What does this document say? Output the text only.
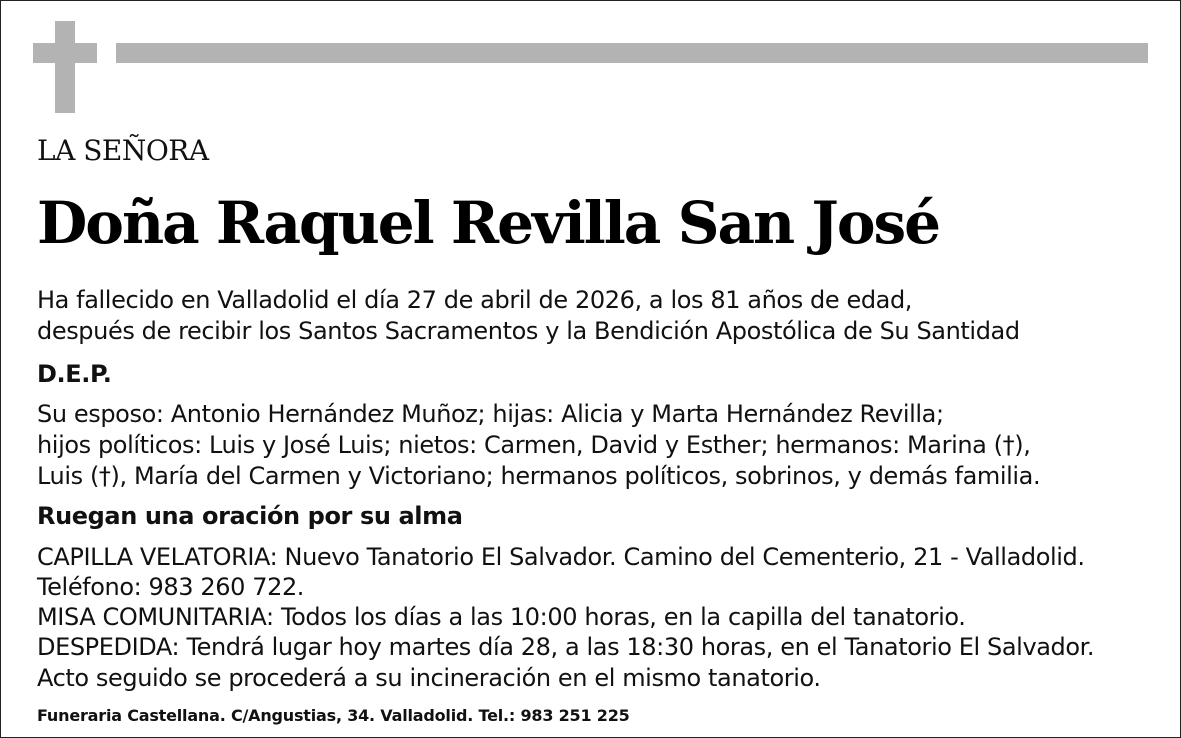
LA SEÑORA
Doña Raquel Revilla San José
Ha fallecido en Valladolid el día 27 de abril de 2026, a los 81 años de edad,
después de recibir los Santos Sacramentos y la Bendición Apostólica de Su Santidad
D.E.P.
Su esposo: Antonio Hernández Muñoz; hijas: Alicia y Marta Hernández Revilla;
hijos políticos: Luis y José Luis; nietos: Carmen, David y Esther; hermanos: Marina (†),
Luis (†), María del Carmen y Victoriano; hermanos políticos, sobrinos, y demás familia.
Ruegan una oración por su alma
CAPILLA VELATORIA: Nuevo Tanatorio El Salvador. Camino del Cementerio, 21 - Valladolid.
Teléfono: 983 260 722.
MISA COMUNITARIA: Todos los días a las 10:00 horas, en la capilla del tanatorio.
DESPEDIDA: Tendrá lugar hoy martes día 28, a las 18:30 horas, en el Tanatorio El Salvador.
Acto seguido se procederá a su incineración en el mismo tanatorio.
Funeraria Castellana. C/Angustias, 34. Valladolid. Tel.: 983 251 225
